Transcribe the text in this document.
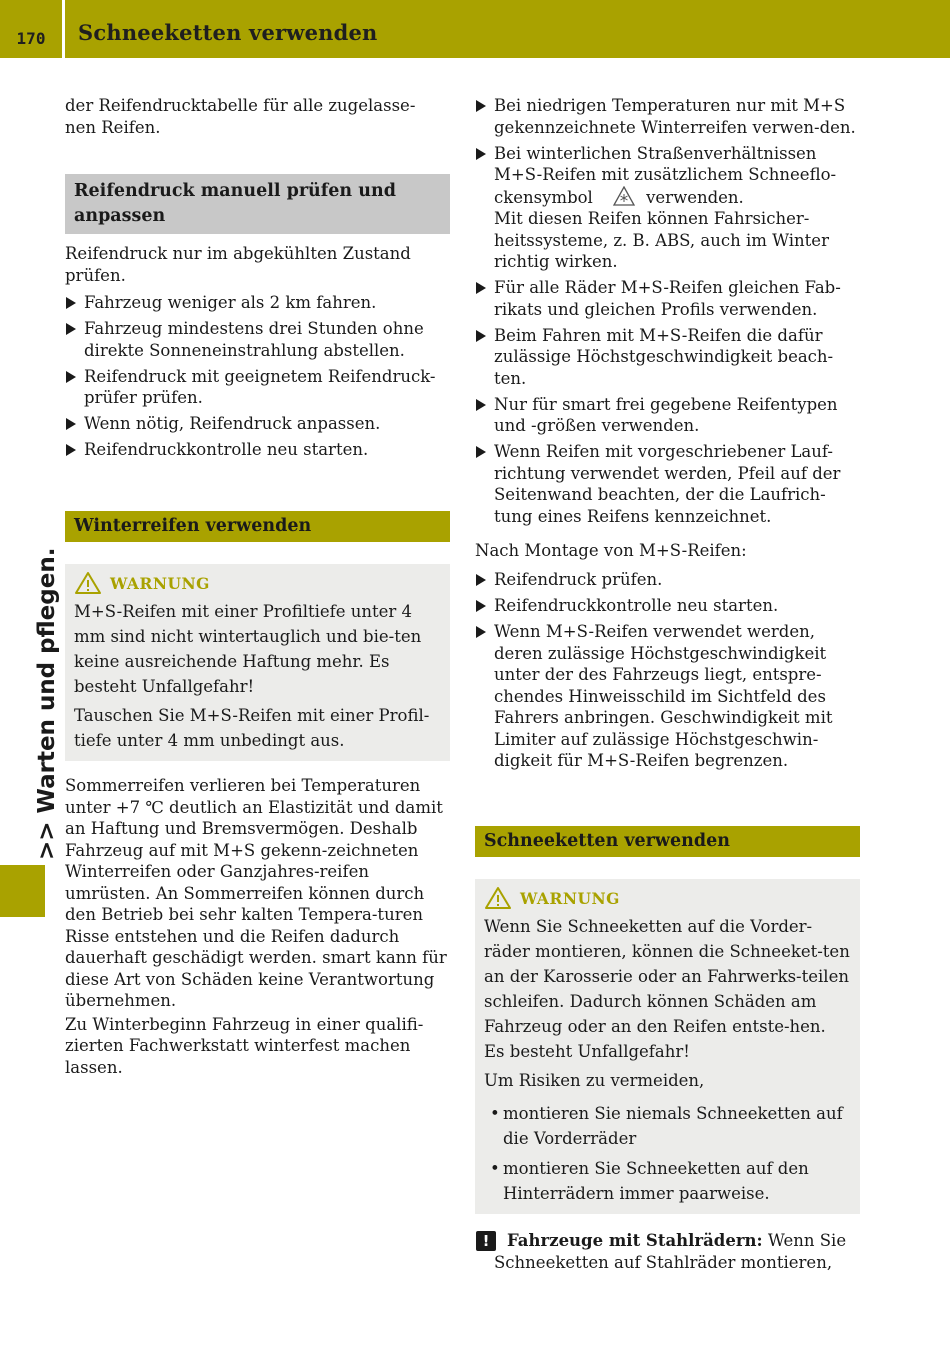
170	Schneeketten verwenden
>> Warten und pflegen.

der Reifendrucktabelle für alle zugelasse-nen Reifen.

Reifendruck manuell prüfen und anpassen

Reifendruck nur im abgekühlten Zustand prüfen.

Fahrzeug weniger als 2 km fahren.
Fahrzeug mindestens drei Stunden ohne direkte Sonneneinstrahlung abstellen.
Reifendruck mit geeignetem Reifendruck-prüfer prüfen.
Wenn nötig, Reifendruck anpassen.
Reifendruckkontrolle neu starten.
Winterreifen verwenden
WARNUNG

M+S-Reifen mit einer Profiltiefe unter 4 mm sind nicht wintertauglich und bie-ten keine ausreichende Haftung mehr. Es besteht Unfallgefahr!

Tauschen Sie M+S-Reifen mit einer Profil-tiefe unter 4 mm unbedingt aus.

Sommerreifen verlieren bei Temperaturen unter +7 ℃ deutlich an Elastizität und damit an Haftung und Bremsvermögen. Deshalb Fahrzeug auf mit M+S gekenn-zeichneten Winterreifen oder Ganzjahres-reifen umrüsten. An Sommerreifen können durch den Betrieb bei sehr kalten Tempera-turen Risse entstehen und die Reifen dadurch dauerhaft geschädigt werden. smart kann für diese Art von Schäden keine Verantwortung übernehmen.

Zu Winterbeginn Fahrzeug in einer qualifi-zierten Fachwerkstatt winterfest machen lassen.

Bei niedrigen Temperaturen nur mit M+S gekennzeichnete Winterreifen verwen-den.
Bei winterlichen Straßenverhältnissen M+S-Reifen mit zusätzlichem Schneeflo-ckensymbol	verwenden.
Mit diesen Reifen können Fahrsicher-heitssysteme, z. B. ABS, auch im Winter richtig wirken.
Für alle Räder M+S-Reifen gleichen Fab-rikats und gleichen Profils verwenden.
Beim Fahren mit M+S-Reifen die dafür zulässige Höchstgeschwindigkeit beach-ten.
Nur für smart frei gegebene Reifentypen und -größen verwenden.
Wenn Reifen mit vorgeschriebener Lauf-richtung verwendet werden, Pfeil auf der Seitenwand beachten, der die Laufrich-tung eines Reifens kennzeichnet.

Nach Montage von M+S-Reifen:

Reifendruck prüfen.
Reifendruckkontrolle neu starten.
Wenn M+S-Reifen verwendet werden, deren zulässige Höchstgeschwindigkeit unter der des Fahrzeugs liegt, entspre-chendes Hinweisschild im Sichtfeld des Fahrers anbringen. Geschwindigkeit mit Limiter auf zulässige Höchstgeschwin-digkeit für M+S-Reifen begrenzen.
Schneeketten verwenden
WARNUNG

Wenn Sie Schneeketten auf die Vorder-räder montieren, können die Schneeket-ten an der Karosserie oder an Fahrwerks-teilen schleifen. Dadurch können Schäden am Fahrzeug oder an den Reifen entste-hen. Es besteht Unfallgefahr!

Um Risiken zu vermeiden,

• montieren Sie niemals Schneeketten auf die Vorderräder
• montieren Sie Schneeketten auf den Hinterrädern immer paarweise.
!	Fahrzeuge mit Stahlrädern: Wenn Sie Schneeketten auf Stahlräder montieren,
